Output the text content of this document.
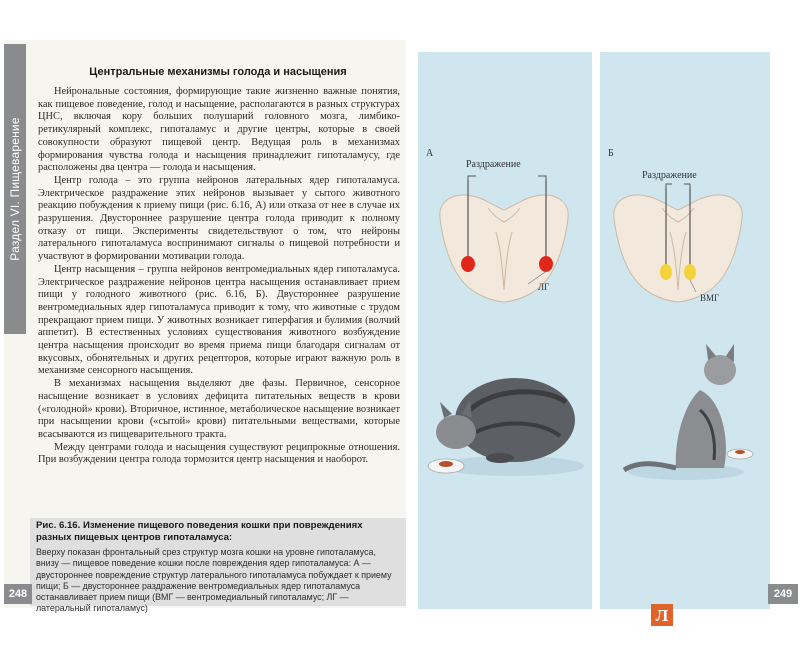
Раздел VI. Пищеварение
Центральные механизмы голода и насыщения

Нейрональные состояния, формирующие такие жизненно важные понятия, как пищевое поведение, голод и насыщение, располагаются в разных структурах ЦНС, включая кору больших полушарий головного мозга, лимбико-ретикулярный комплекс, гипоталамус и другие центры, которые в своей совокупности образуют пищевой центр. Ведущая роль в механизмах формирования чувства голода и насыщения принадлежит гипоталамусу, где расположены два центра — голода и насыщения.

Центр голода – это группа нейронов латеральных ядер гипоталамуса. Электрическое раздражение этих нейронов вызывает у сытого животного реакцию побуждения к приему пищи (рис. 6.16, А) или отказа от нее в случае их разрушения. Двустороннее разрушение центра голода приводит к полному отказу от пищи. Эксперименты свидетельствуют о том, что нейроны латерального гипоталамуса воспринимают сигналы о пищевой потребности и участвуют в формировании мотивации голода.

Центр насыщения – группа нейронов вентромедиальных ядер гипоталамуса. Электрическое раздражение нейронов центра насыщения останавливает прием пищи у голодного животного (рис. 6.16, Б). Двустороннее разрушение вентромедиальных ядер гипоталамуса приводит к тому, что животные с трудом прекращают прием пищи. У животных возникает гиперфагия и булимия (волчий аппетит). В естественных условиях существования животного возбуждение центра насыщения происходит во время приема пищи благодаря сигналам от вкусовых, обонятельных и других рецепторов, которые играют важную роль в механизме сенсорного насыщения.

В механизмах насыщения выделяют две фазы. Первичное, сенсорное насыщение возникает в условиях дефицита питательных веществ в крови («голодной» крови). Вторичное, истинное, метаболическое насыщение возникает при насыщении крови («сытой» крови) питательными веществами, которые всасываются из пищеварительного тракта.

Между центрами голода и насыщения существуют реципрокные отношения. При возбуждении центра голода тормозится центр насыщения и наоборот.

Рис. 6.16. Изменение пищевого поведения кошки при повреждениях разных пищевых центров гипоталамуса:
Вверху показан фронтальный срез структур мозга кошки на уровне гипоталамуса, внизу — пищевое поведение кошки после повреждения ядер гипоталамуса: А — двустороннее повреждение структур латерального гипоталамуса побуждает к приему пищи; Б — двустороннее раздражение вентромедиальных ядер гипоталамуса останавливает прием пищи (ВМГ — вентромедиальный гипоталамус; ЛГ — латеральный гипоталамус)
248
А
Раздражение
ЛГ
Б
Раздражение
ВМГ
249
Л
